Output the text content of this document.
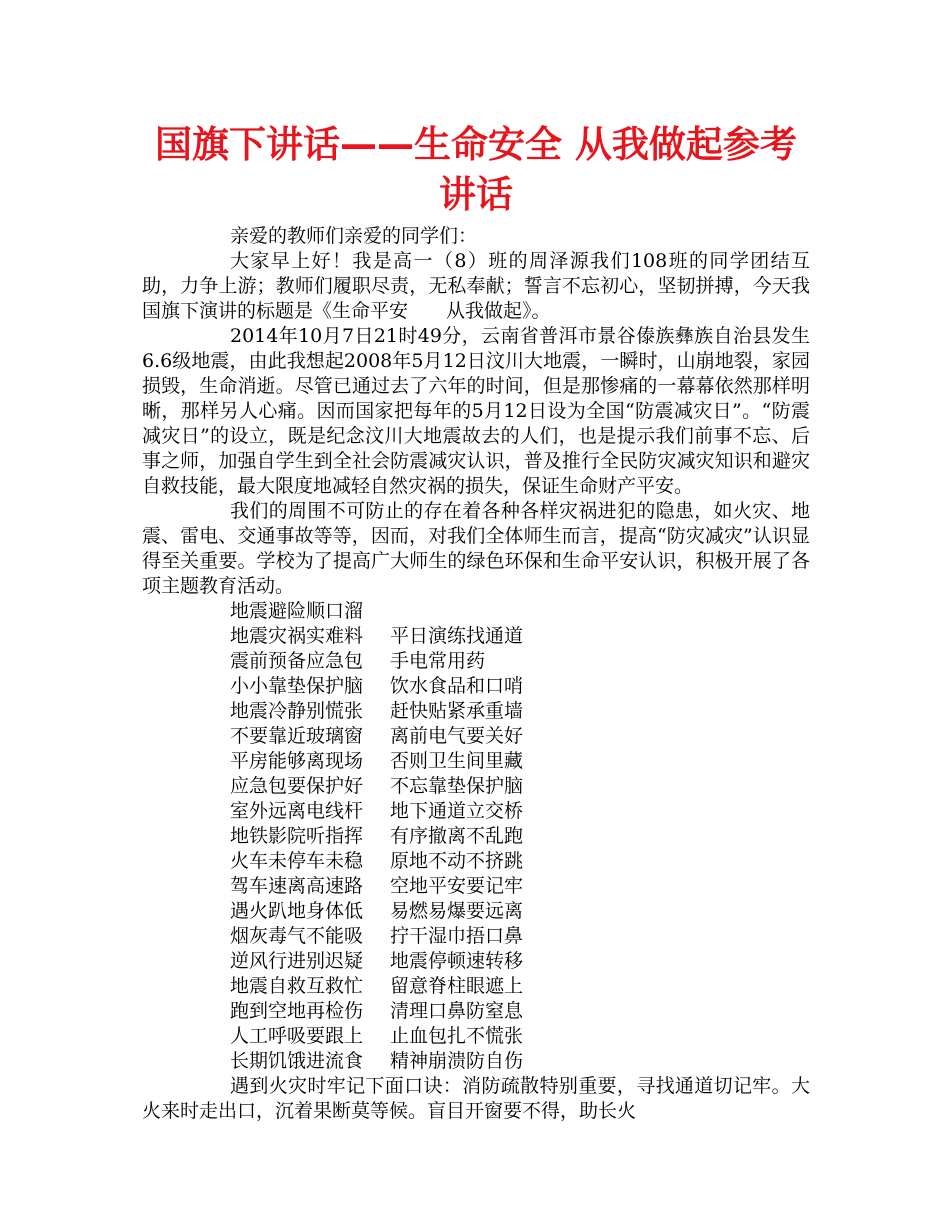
国旗下讲话——生命安全 从我做起参考讲话

亲爱的教师们亲爱的同学们：

大家早上好！我是高一（8）班的周泽源我们108班的同学团结互助，力争上游；教师们履职尽责，无私奉献；誓言不忘初心，坚韧拼搏，今天我国旗下演讲的标题是《生命平安　　从我做起》。

2014年10月7日21时49分，云南省普洱市景谷傣族彝族自治县发生6.6级地震，由此我想起2008年5月12日汶川大地震，一瞬时，山崩地裂，家园损毁，生命消逝。尽管已通过去了六年的时间，但是那惨痛的一幕幕依然那样明晰，那样另人心痛。因而国家把每年的5月12日设为全国“防震减灾日”。“防震减灾日”的设立，既是纪念汶川大地震故去的人们，也是提示我们前事不忘、后事之师，加强自学生到全社会防震减灾认识，普及推行全民防灾减灾知识和避灾自救技能，最大限度地减轻自然灾祸的损失，保证生命财产平安。

我们的周围不可防止的存在着各种各样灾祸进犯的隐患，如火灾、地震、雷电、交通事故等等，因而，对我们全体师生而言，提高“防灾减灾”认识显得至关重要。学校为了提高广大师生的绿色环保和生命平安认识，积极开展了各项主题教育活动。

地震避险顺口溜
地震灾祸实难料 平日演练找通道
震前预备应急包 手电常用药
小小靠垫保护脑 饮水食品和口哨
地震冷静别慌张 赶快贴紧承重墙
不要靠近玻璃窗 离前电气要关好
平房能够离现场 否则卫生间里藏
应急包要保护好 不忘靠垫保护脑
室外远离电线杆 地下通道立交桥
地铁影院听指挥 有序撤离不乱跑
火车未停车未稳 原地不动不挤跳
驾车速离高速路 空地平安要记牢
遇火趴地身体低 易燃易爆要远离
烟灰毒气不能吸 拧干湿巾捂口鼻
逆风行进别迟疑 地震停顿速转移
地震自救互救忙 留意脊柱眼遮上
跑到空地再检伤 清理口鼻防窒息
人工呼吸要跟上 止血包扎不慌张
长期饥饿进流食 精神崩溃防自伤

遇到火灾时牢记下面口诀：消防疏散特别重要，寻找通道切记牢。大火来时走出口，沉着果断莫等候。盲目开窗要不得，助长火
